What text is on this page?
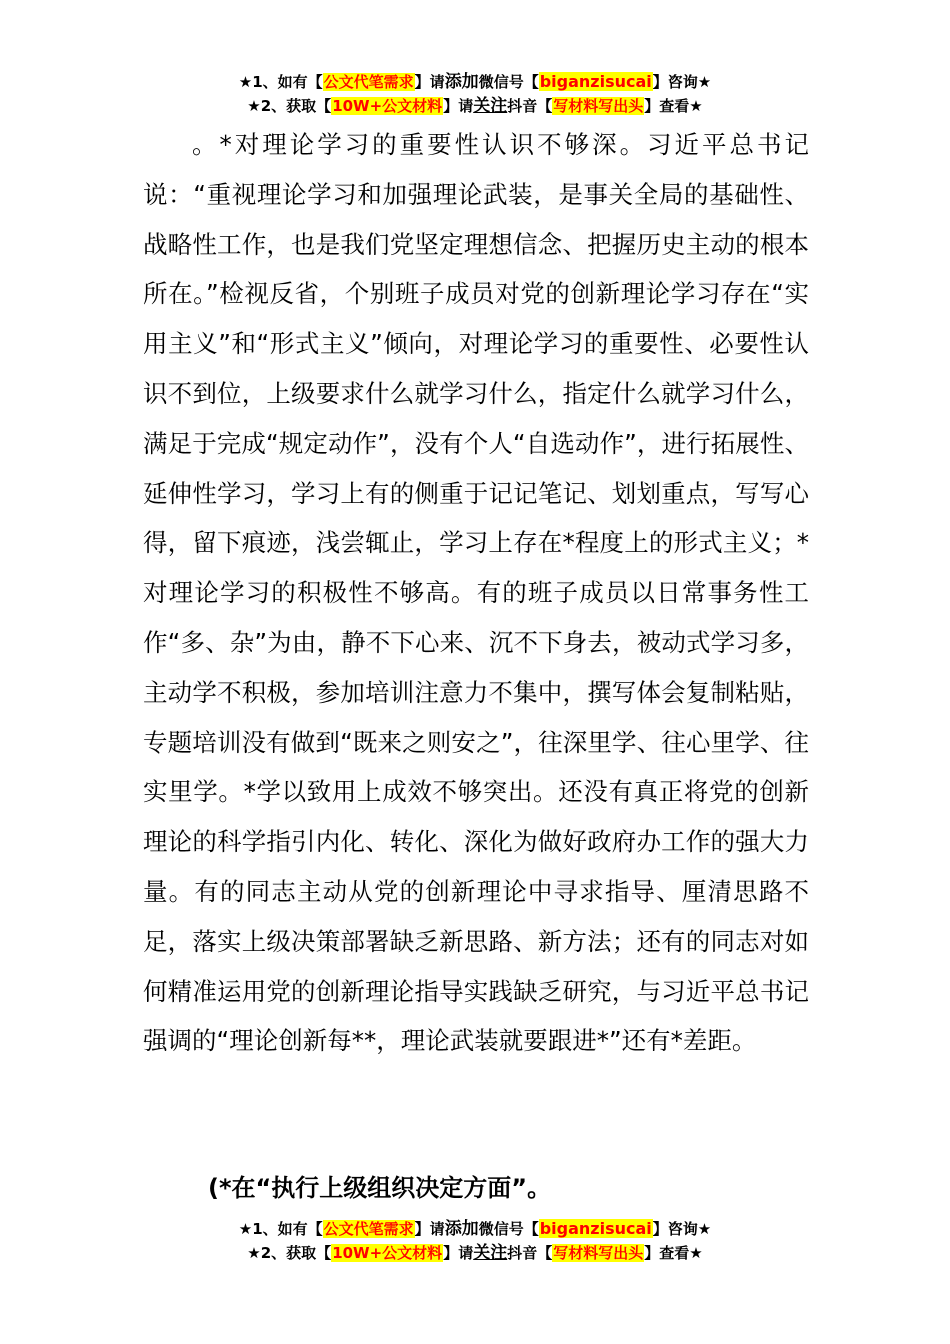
★1、如有【公文代笔需求】请添加微信号【biganzisucai】咨询★
★2、获取【10W+公文材料】请关注抖音【写材料写出头】查看★

。*对理论学习的重要性认识不够深。习近平总书记说：“重视理论学习和加强理论武装，是事关全局的基础性、战略性工作，也是我们党坚定理想信念、把握历史主动的根本所在。”检视反省，个别班子成员对党的创新理论学习存在“实用主义”和“形式主义”倾向，对理论学习的重要性、必要性认识不到位，上级要求什么就学习什么，指定什么就学习什么，满足于完成“规定动作”，没有个人“自选动作”，进行拓展性、延伸性学习，学习上有的侧重于记记笔记、划划重点，写写心得，留下痕迹，浅尝辄止，学习上存在*程度上的形式主义；*对理论学习的积极性不够高。有的班子成员以日常事务性工作“多、杂”为由，静不下心来、沉不下身去，被动式学习多，主动学不积极，参加培训注意力不集中，撰写体会复制粘贴，专题培训没有做到“既来之则安之”，往深里学、往心里学、往实里学。*学以致用上成效不够突出。还没有真正将党的创新理论的科学指引内化、转化、深化为做好政府办工作的强大力量。有的同志主动从党的创新理论中寻求指导、厘清思路不足，落实上级决策部署缺乏新思路、新方法；还有的同志对如何精准运用党的创新理论指导实践缺乏研究，与习近平总书记强调的“理论创新每**，理论武装就要跟进*”还有*差距。

(*在“执行上级组织决定方面”。

★1、如有【公文代笔需求】请添加微信号【biganzisucai】咨询★
★2、获取【10W+公文材料】请关注抖音【写材料写出头】查看★
